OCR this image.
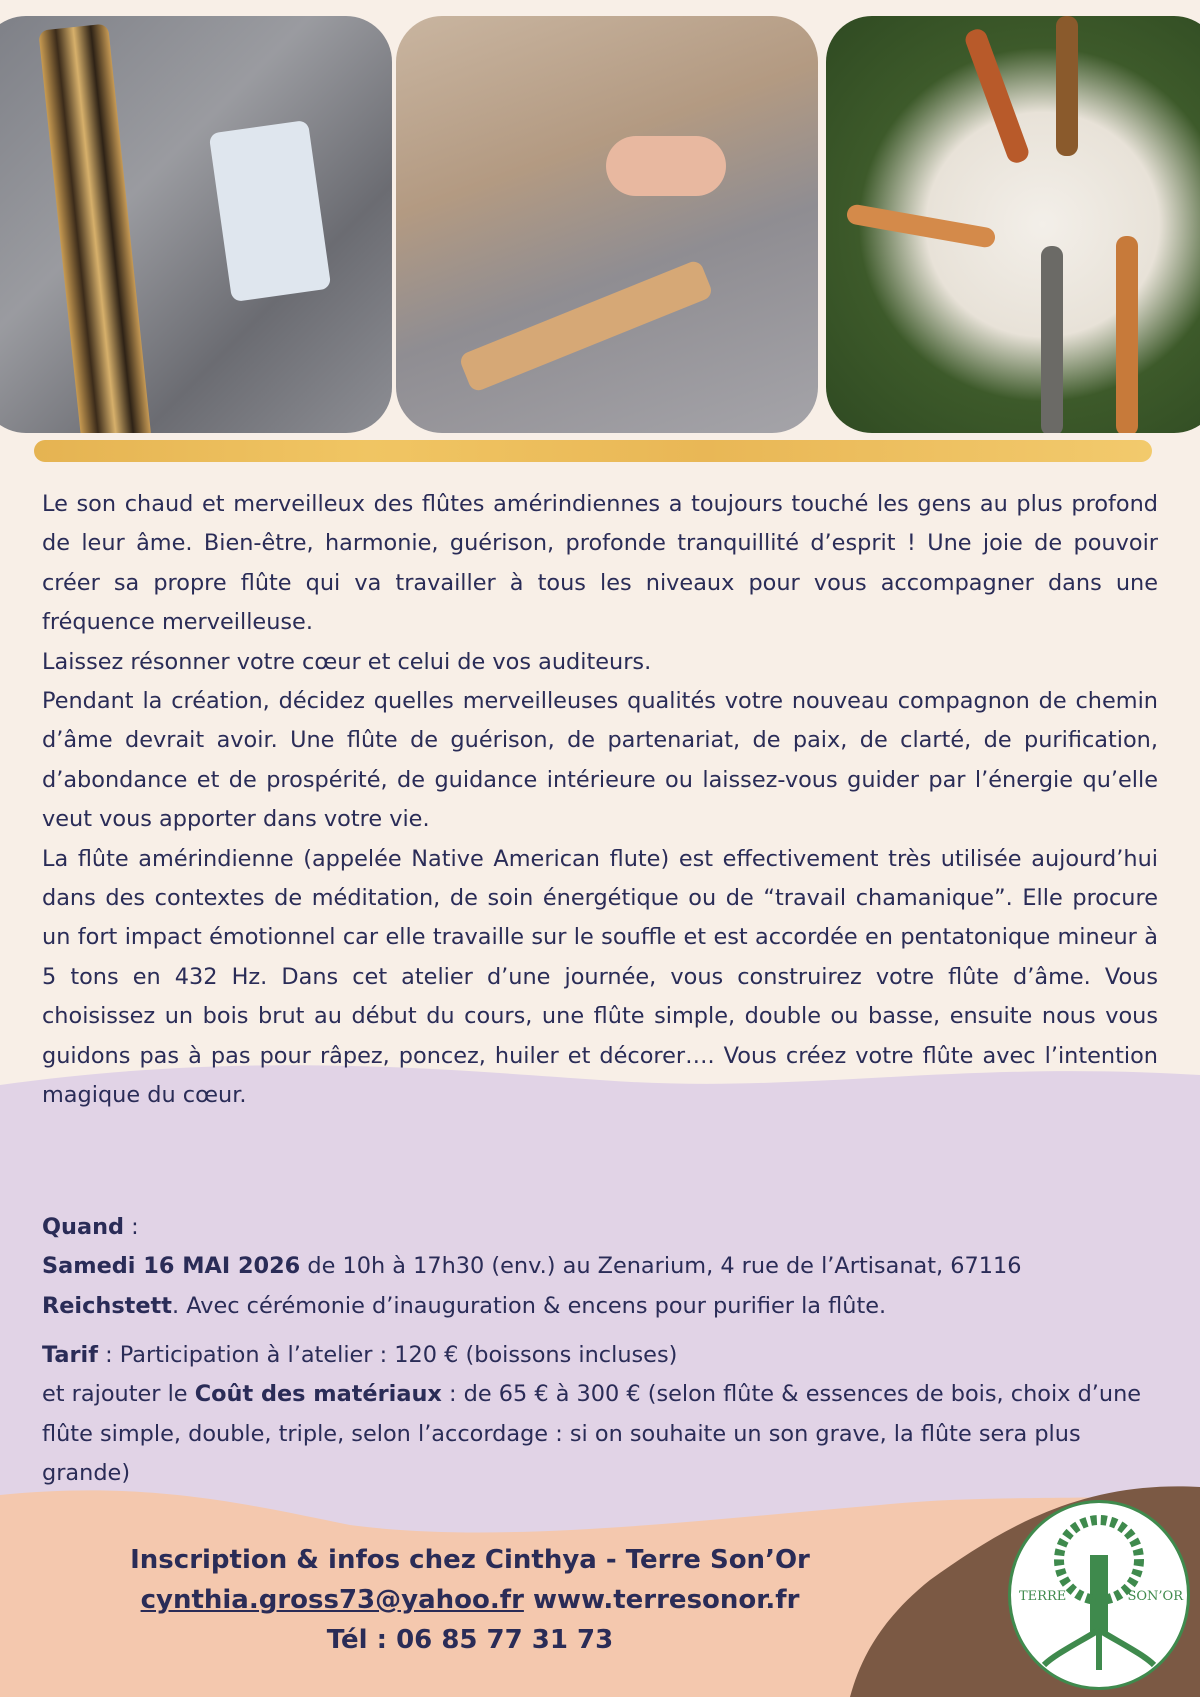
Le son chaud et merveilleux des flûtes amérindiennes a toujours touché les gens au plus profond de leur âme. Bien-être, harmonie, guérison, profonde tranquillité d’esprit ! Une joie de pouvoir créer sa propre flûte qui va travailler à tous les niveaux pour vous accompagner dans une fréquence merveilleuse.

Laissez résonner votre cœur et celui de vos auditeurs.

Pendant la création, décidez quelles merveilleuses qualités votre nouveau compagnon de chemin d’âme devrait avoir. Une flûte de guérison, de partenariat, de paix, de clarté, de purification, d’abondance et de prospérité, de guidance intérieure ou laissez-vous guider par l’énergie qu’elle veut vous apporter dans votre vie.

La flûte amérindienne (appelée Native American flute) est effectivement très utilisée aujourd’hui dans des contextes de méditation, de soin énergétique ou de “travail chamanique”. Elle procure un fort impact émotionnel car elle travaille sur le souffle et est accordée en pentatonique mineur à 5 tons en 432 Hz. Dans cet atelier d’une journée, vous construirez votre flûte d’âme. Vous choisissez un bois brut au début du cours, une flûte simple, double ou basse, ensuite nous vous guidons pas à pas pour râpez, poncez, huiler et décorer…. Vous créez votre flûte avec l’intention magique du cœur.

Quand :

Samedi 16 MAI 2026 de 10h à 17h30 (env.) au Zenarium, 4 rue de l’Artisanat, 67116 Reichstett. Avec cérémonie d’inauguration & encens pour purifier la flûte.

Tarif : Participation à l’atelier : 120 € (boissons incluses)

et rajouter le Coût des matériaux : de 65 € à 300 € (selon flûte & essences de bois, choix d’une flûte simple, double, triple, selon l’accordage : si on souhaite un son grave, la flûte sera plus grande)

Inscription & infos chez Cinthya - Terre Son’Or
cynthia.gross73@yahoo.fr www.terresonor.fr
Tél : 06 85 77 31 73
TERRE	SON’OR
